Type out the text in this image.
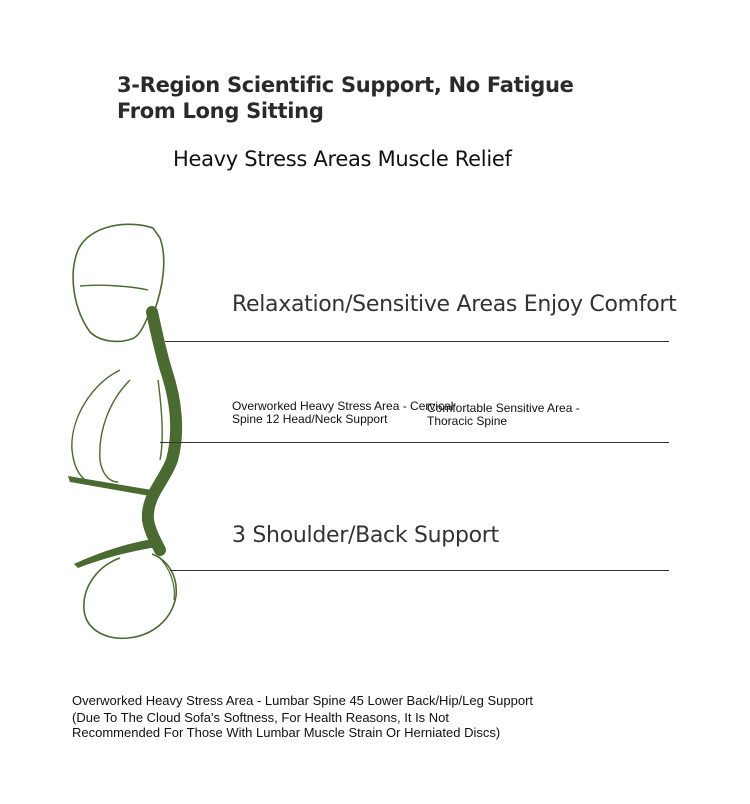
3-Region Scientific Support, No Fatigue From Long Sitting
Heavy Stress Areas Muscle Relief
Relaxation/Sensitive Areas Enjoy Comfort
Overworked Heavy Stress Area - Cervical Spine 12 Head/Neck Support
Comfortable Sensitive Area - Thoracic Spine
3 Shoulder/Back Support
Overworked Heavy Stress Area - Lumbar Spine 45 Lower Back/Hip/Leg Support
(Due To The Cloud Sofa's Softness, For Health Reasons, It Is Not Recommended For Those With Lumbar Muscle Strain Or Herniated Discs)
